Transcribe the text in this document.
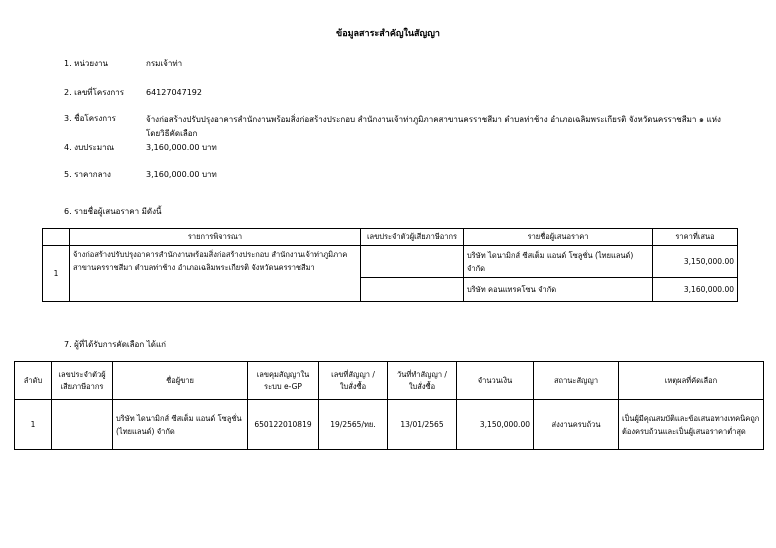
ข้อมูลสาระสำคัญในสัญญา
1. หน่วยงาน	กรมเจ้าท่า
2. เลขที่โครงการ	64127047192
3. ชื่อโครงการ	จ้างก่อสร้างปรับปรุงอาคารสำนักงานพร้อมสิ่งก่อสร้างประกอบ สำนักงานเจ้าท่าภูมิภาคสาขานครราชสีมา ตำบลท่าช้าง อำเภอเฉลิมพระเกียรติ จังหวัดนครราชสีมา ๑ แห่ง โดยวิธีคัดเลือก
4. งบประมาณ	3,160,000.00 บาท
5. ราคากลาง	3,160,000.00 บาท
6. รายชื่อผู้เสนอราคา มีดังนี้
	รายการพิจารณา	เลขประจำตัวผู้เสียภาษีอากร	รายชื่อผู้เสนอราคา	ราคาที่เสนอ
1	จ้างก่อสร้างปรับปรุงอาคารสำนักงานพร้อมสิ่งก่อสร้างประกอบ สำนักงานเจ้าท่าภูมิภาคสาขานครราชสีมา ตำบลท่าช้าง อำเภอเฉลิมพระเกียรติ จังหวัดนครราชสีมา		บริษัท ไดนามิกส์ ซีสเต็ม แอนด์ โซลูชั่น (ไทยแลนด์) จำกัด	3,150,000.00
			บริษัท คอนแทรคโซน จำกัด	3,160,000.00
7. ผู้ที่ได้รับการคัดเลือก ได้แก่
ลำดับ	เลขประจำตัวผู้เสียภาษีอากร	ชื่อผู้ขาย	เลขคุมสัญญาในระบบ e-GP	เลขที่สัญญา / ใบสั่งซื้อ	วันที่ทำสัญญา / ใบสั่งซื้อ	จำนวนเงิน	สถานะสัญญา	เหตุผลที่คัดเลือก
1		บริษัท ไดนามิกส์ ซีสเต็ม แอนด์ โซลูชั่น (ไทยแลนด์) จำกัด	650122010819	19/2565/ทย.	13/01/2565	3,150,000.00	ส่งงานครบถ้วน	เป็นผู้มีคุณสมบัติและข้อเสนอทางเทคนิคถูกต้องครบถ้วนและเป็นผู้เสนอราคาต่ำสุด
